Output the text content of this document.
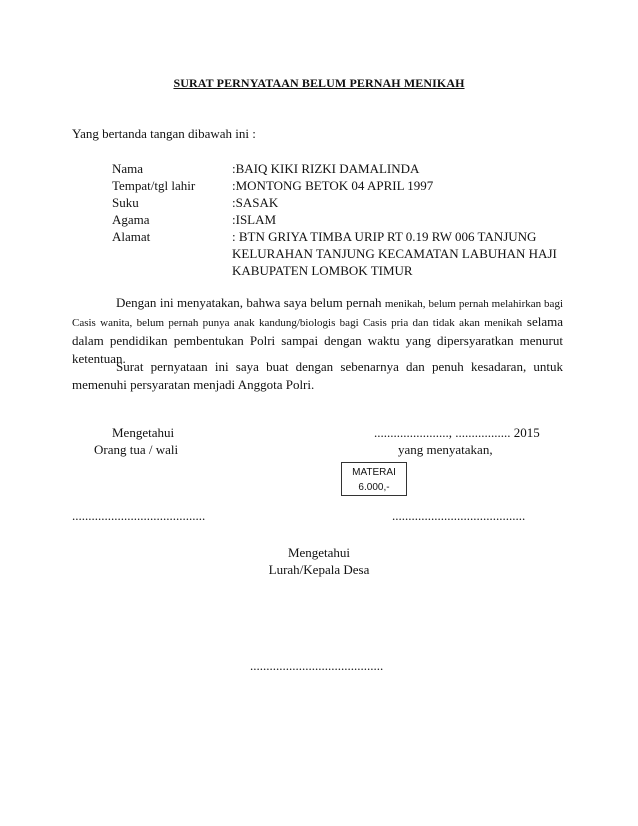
SURAT PERNYATAAN BELUM PERNAH MENIKAH
Yang bertanda tangan dibawah ini :
Nama	:BAIQ KIKI RIZKI DAMALINDA
Tempat/tgl lahir	:MONTONG BETOK 04 APRIL 1997
Suku	:SASAK
Agama	:ISLAM
Alamat	: BTN GRIYA TIMBA URIP RT 0.19 RW 006 TANJUNG
KELURAHAN TANJUNG KECAMATAN LABUHAN HAJI
KABUPATEN LOMBOK TIMUR
Dengan ini menyatakan, bahwa saya belum pernah menikah, belum pernah melahirkan bagi Casis wanita, belum pernah punya anak kandung/biologis bagi Casis pria dan tidak akan menikah selama dalam pendidikan pembentukan Polri sampai dengan waktu yang dipersyaratkan menurut ketentuan.
Surat pernyataan ini saya buat dengan sebenarnya dan penuh kesadaran, untuk memenuhi persyaratan menjadi Anggota Polri.
Mengetahui
Orang tua / wali
......................., ................. 2015
yang menyatakan,
MATERAI
6.000,-
.........................................	.........................................
Mengetahui
Lurah/Kepala Desa
.........................................
